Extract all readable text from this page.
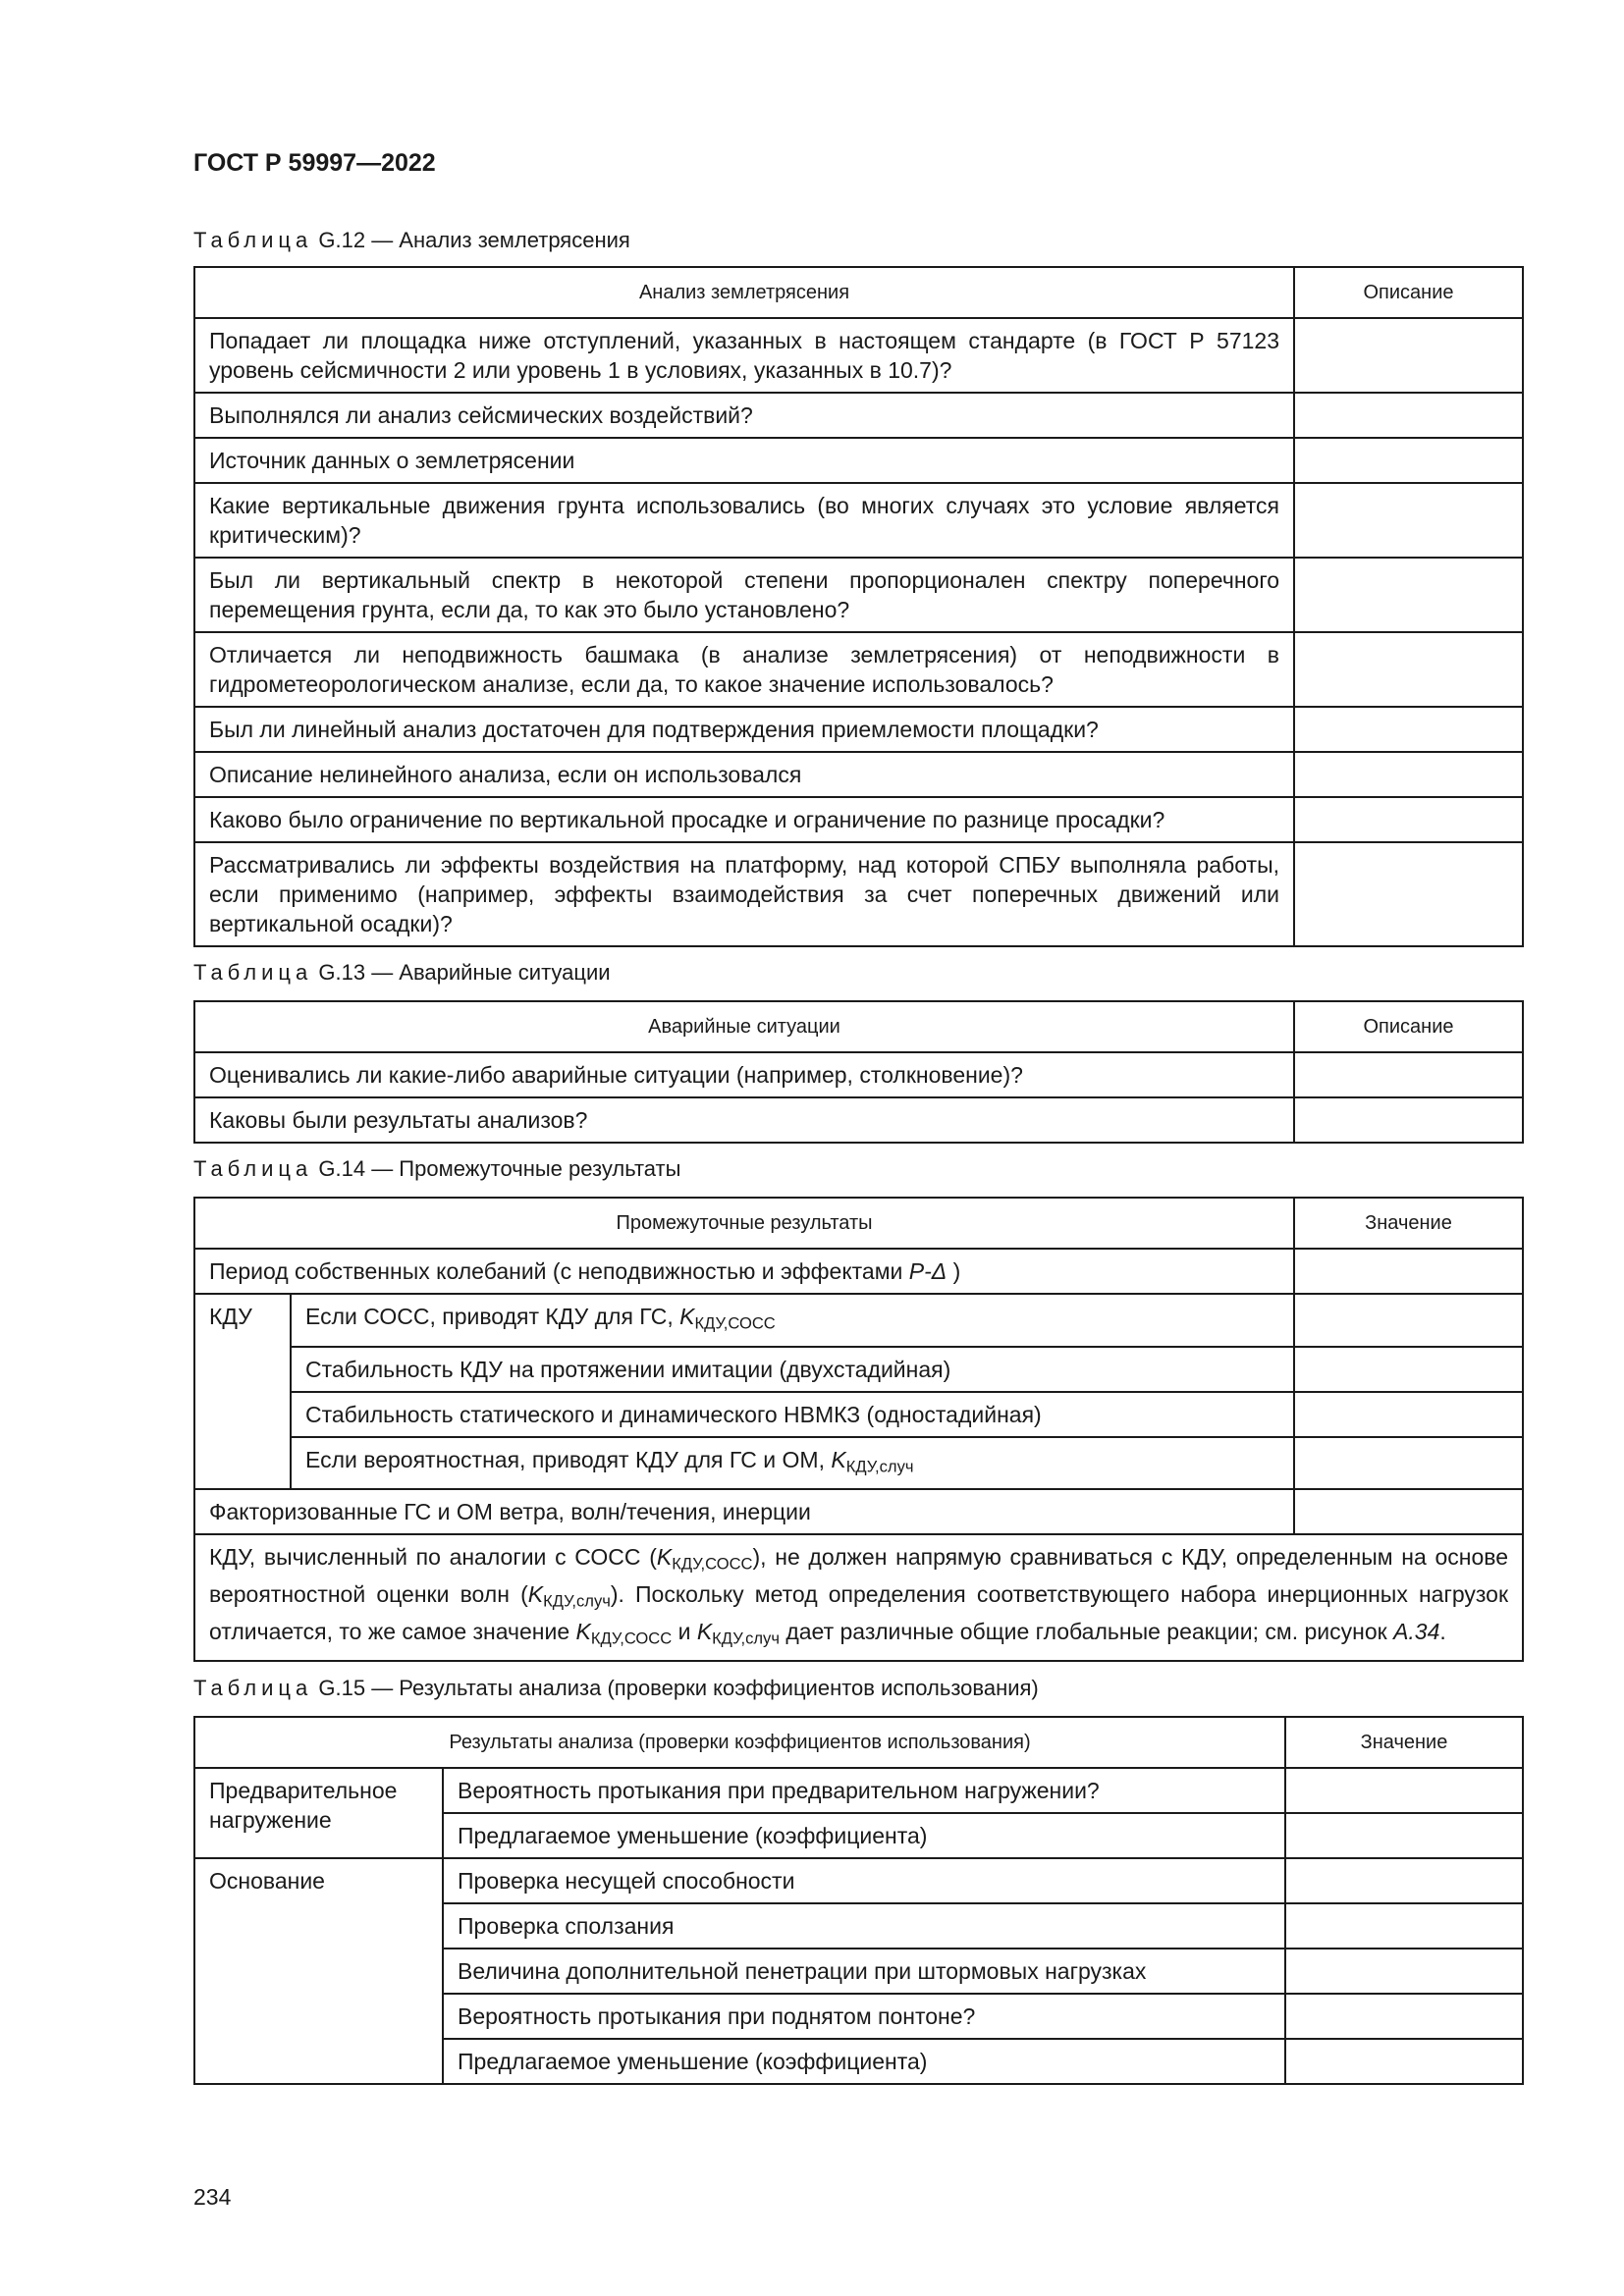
ГОСТ Р 59997—2022
Таблица G.12 — Анализ землетрясения
Анализ землетрясения	Описание
Попадает ли площадка ниже отступлений, указанных в настоящем стандарте (в ГОСТ Р 57123 уровень сейсмичности 2 или уровень 1 в условиях, указанных в 10.7)?	
Выполнялся ли анализ сейсмических воздействий?	
Источник данных о землетрясении	
Какие вертикальные движения грунта использовались (во многих случаях это условие является критическим)?	
Был ли вертикальный спектр в некоторой степени пропорционален спектру поперечного перемещения грунта, если да, то как это было установлено?	
Отличается ли неподвижность башмака (в анализе землетрясения) от неподвижности в гидрометеорологическом анализе, если да, то какое значение использовалось?	
Был ли линейный анализ достаточен для подтверждения приемлемости площадки?	
Описание нелинейного анализа, если он использовался	
Каково было ограничение по вертикальной просадке и ограничение по разнице просадки?	
Рассматривались ли эффекты воздействия на платформу, над которой СПБУ выполняла работы, если применимо (например, эффекты взаимодействия за счет поперечных движений или вертикальной осадки)?	
Таблица G.13 — Аварийные ситуации
Аварийные ситуации	Описание
Оценивались ли какие-либо аварийные ситуации (например, столкновение)?	
Каковы были результаты анализов?	
Таблица G.14 — Промежуточные результаты
Промежуточные результаты		Значение
Период собственных колебаний (с неподвижностью и эффектами P-Δ )		
КДУ	Если СОСС, приводят КДУ для ГС, $K_{КДУ,СОСС}$	
	Стабильность КДУ на протяжении имитации (двухстадийная)	
	Стабильность статического и динамического НВМКЗ (одностадийная)	
	Если вероятностная, приводят КДУ для ГС и ОМ, $K_{КДУ,случ}$	
Факторизованные ГС и ОМ ветра, волн/течения, инерции		
КДУ, вычисленный по аналогии с СОСС $(K_{КДУ,СОСС})$, не должен напрямую сравниваться с КДУ, определенным на основе вероятностной оценки волн $(K_{КДУ,случ})$. Поскольку метод определения соответствующего набора инерционных нагрузок отличается, то же самое значение $K_{КДУ,СОСС}$ и $K_{КДУ,случ}$ дает различные общие глобальные реакции; см. рисунок А.34.		
Таблица G.15 — Результаты анализа (проверки коэффициентов использования)
Результаты анализа (проверки коэффициентов использования)		Значение
Предварительное нагружение	Вероятность протыкания при предварительном нагружении?	
	Предлагаемое уменьшение (коэффициента)	
Основание	Проверка несущей способности	
	Проверка сползания	
	Величина дополнительной пенетрации при штормовых нагрузках	
	Вероятность протыкания при поднятом понтоне?	
	Предлагаемое уменьшение (коэффициента)	
234
